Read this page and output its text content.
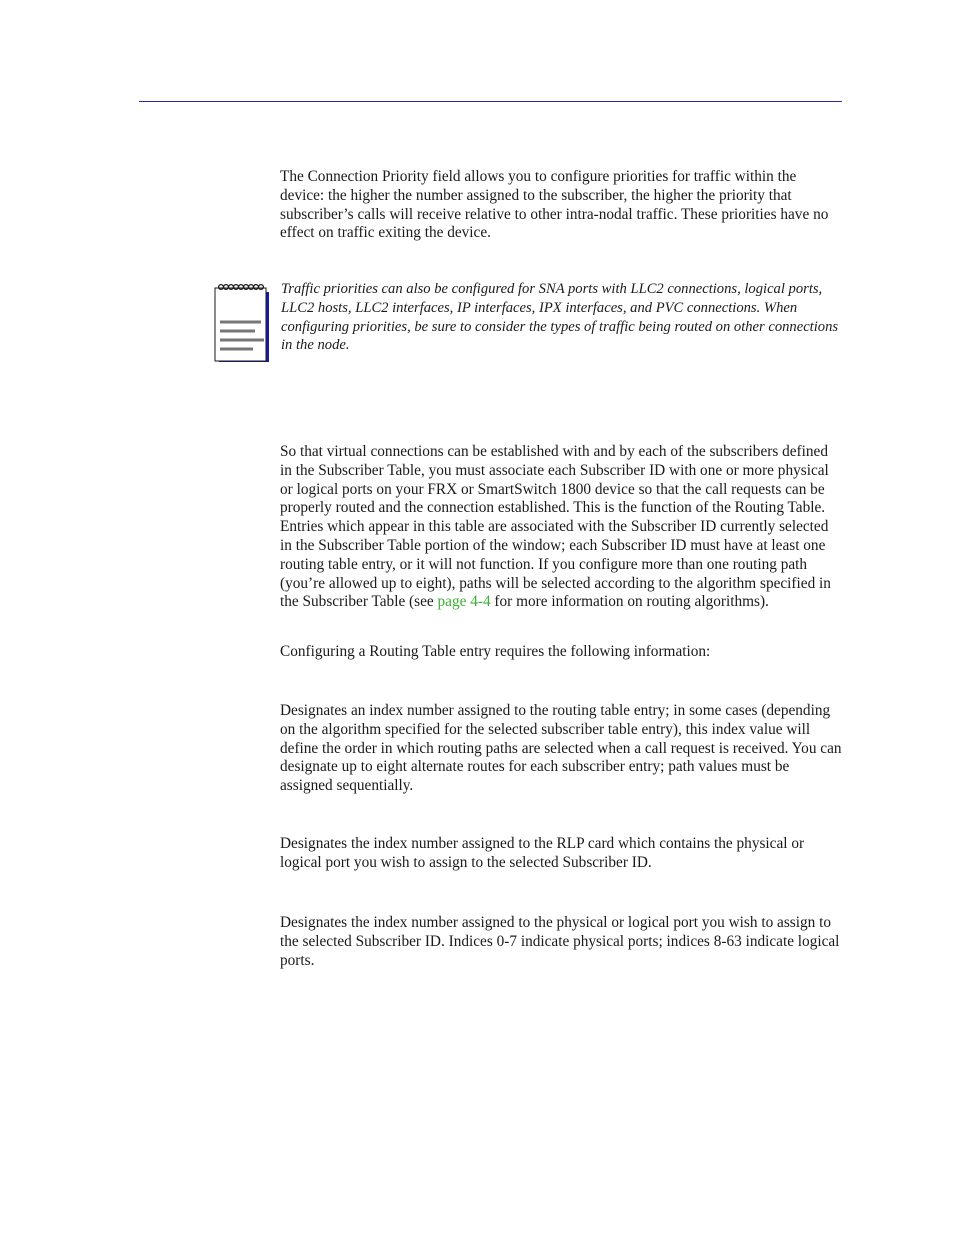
The Connection Priority field allows you to configure priorities for traffic within the device: the higher the number assigned to the subscriber, the higher the priority that subscriber’s calls will receive relative to other intra-nodal traffic. These priorities have no effect on traffic exiting the device.

Traffic priorities can also be configured for SNA ports with LLC2 connections, logical ports, LLC2 hosts, LLC2 interfaces, IP interfaces, IPX interfaces, and PVC connections. When configuring priorities, be sure to consider the types of traffic being routed on other connections in the node.

So that virtual connections can be established with and by each of the subscribers defined in the Subscriber Table, you must associate each Subscriber ID with one or more physical or logical ports on your FRX or SmartSwitch 1800 device so that the call requests can be properly routed and the connection established. This is the function of the Routing Table. Entries which appear in this table are associated with the Subscriber ID currently selected in the Subscriber Table portion of the window; each Subscriber ID must have at least one routing table entry, or it will not function. If you configure more than one routing path (you’re allowed up to eight), paths will be selected according to the algorithm specified in the Subscriber Table (see page 4-4 for more information on routing algorithms).

Configuring a Routing Table entry requires the following information:

Designates an index number assigned to the routing table entry; in some cases (depending on the algorithm specified for the selected subscriber table entry), this index value will define the order in which routing paths are selected when a call request is received. You can designate up to eight alternate routes for each subscriber entry; path values must be assigned sequentially.

Designates the index number assigned to the RLP card which contains the physical or logical port you wish to assign to the selected Subscriber ID.

Designates the index number assigned to the physical or logical port you wish to assign to the selected Subscriber ID. Indices 0-7 indicate physical ports; indices 8-63 indicate logical ports.
